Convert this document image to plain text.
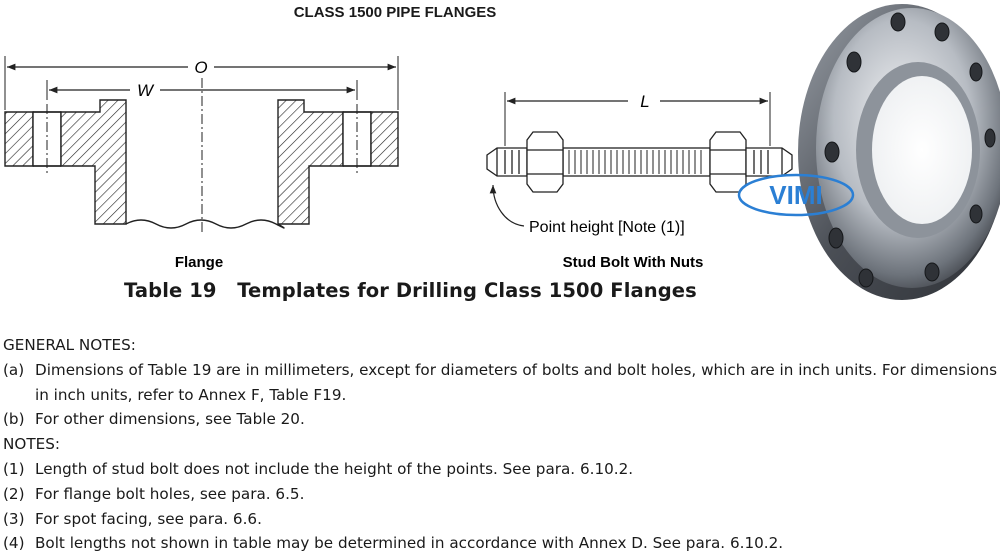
CLASS 1500 PIPE FLANGES
O
W
Flange
L
Point height [Note (1)]
Stud Bolt With Nuts
VIMI
Table 19   Templates for Drilling Class 1500 Flanges
GENERAL NOTES:
(a) Dimensions of Table 19 are in millimeters, except for diameters of bolts and bolt holes, which are in inch units. For dimensions in inch units, refer to Annex F, Table F19.
(b) For other dimensions, see Table 20.
NOTES:
(1) Length of stud bolt does not include the height of the points. See para. 6.10.2.
(2) For flange bolt holes, see para. 6.5.
(3) For spot facing, see para. 6.6.
(4) Bolt lengths not shown in table may be determined in accordance with Annex D. See para. 6.10.2.
